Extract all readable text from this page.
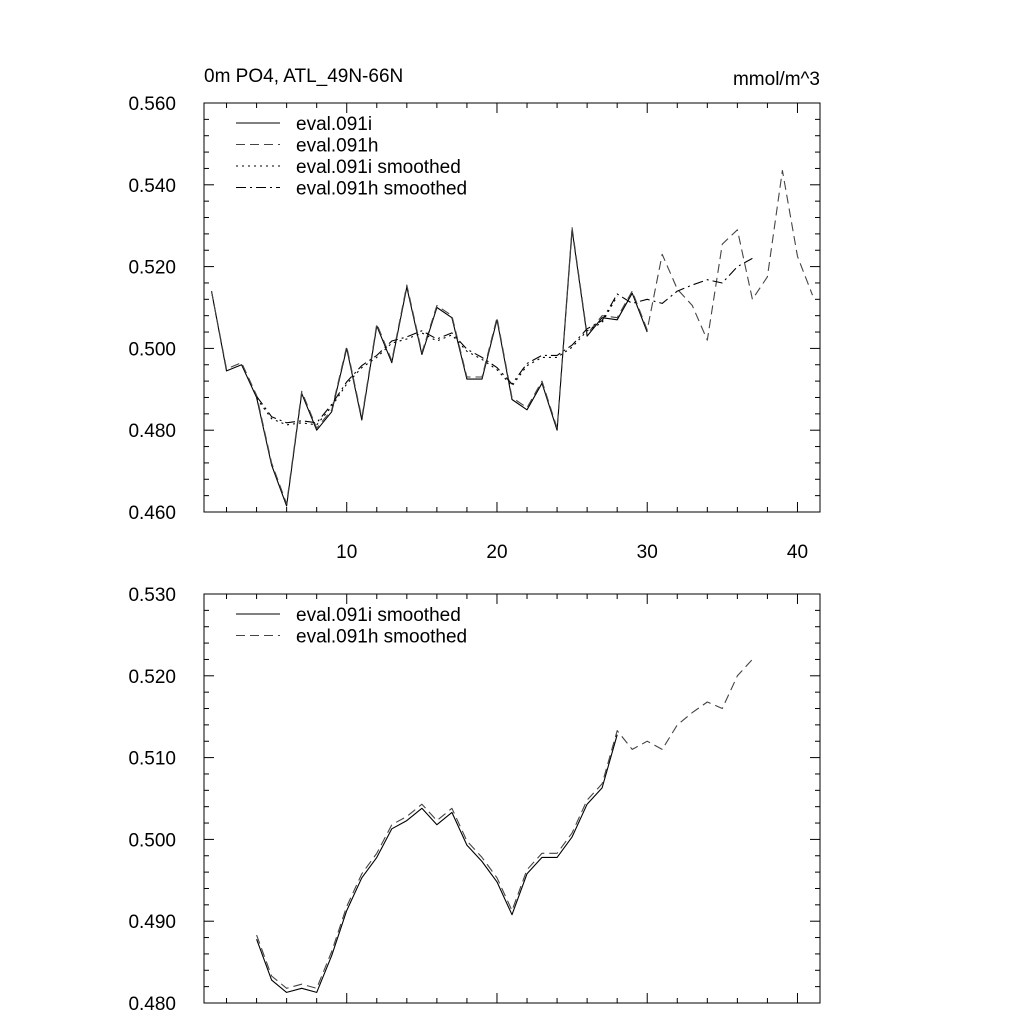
0m PO4, ATL_49N-66N	mmol/m^3
0.460
0.480
0.500
0.520
0.540
0.560
10	20	30	40
eval.091i
eval.091h
eval.091i smoothed
eval.091h smoothed
0.480
0.490
0.500
0.510
0.520
0.530
eval.091i smoothed
eval.091h smoothed
